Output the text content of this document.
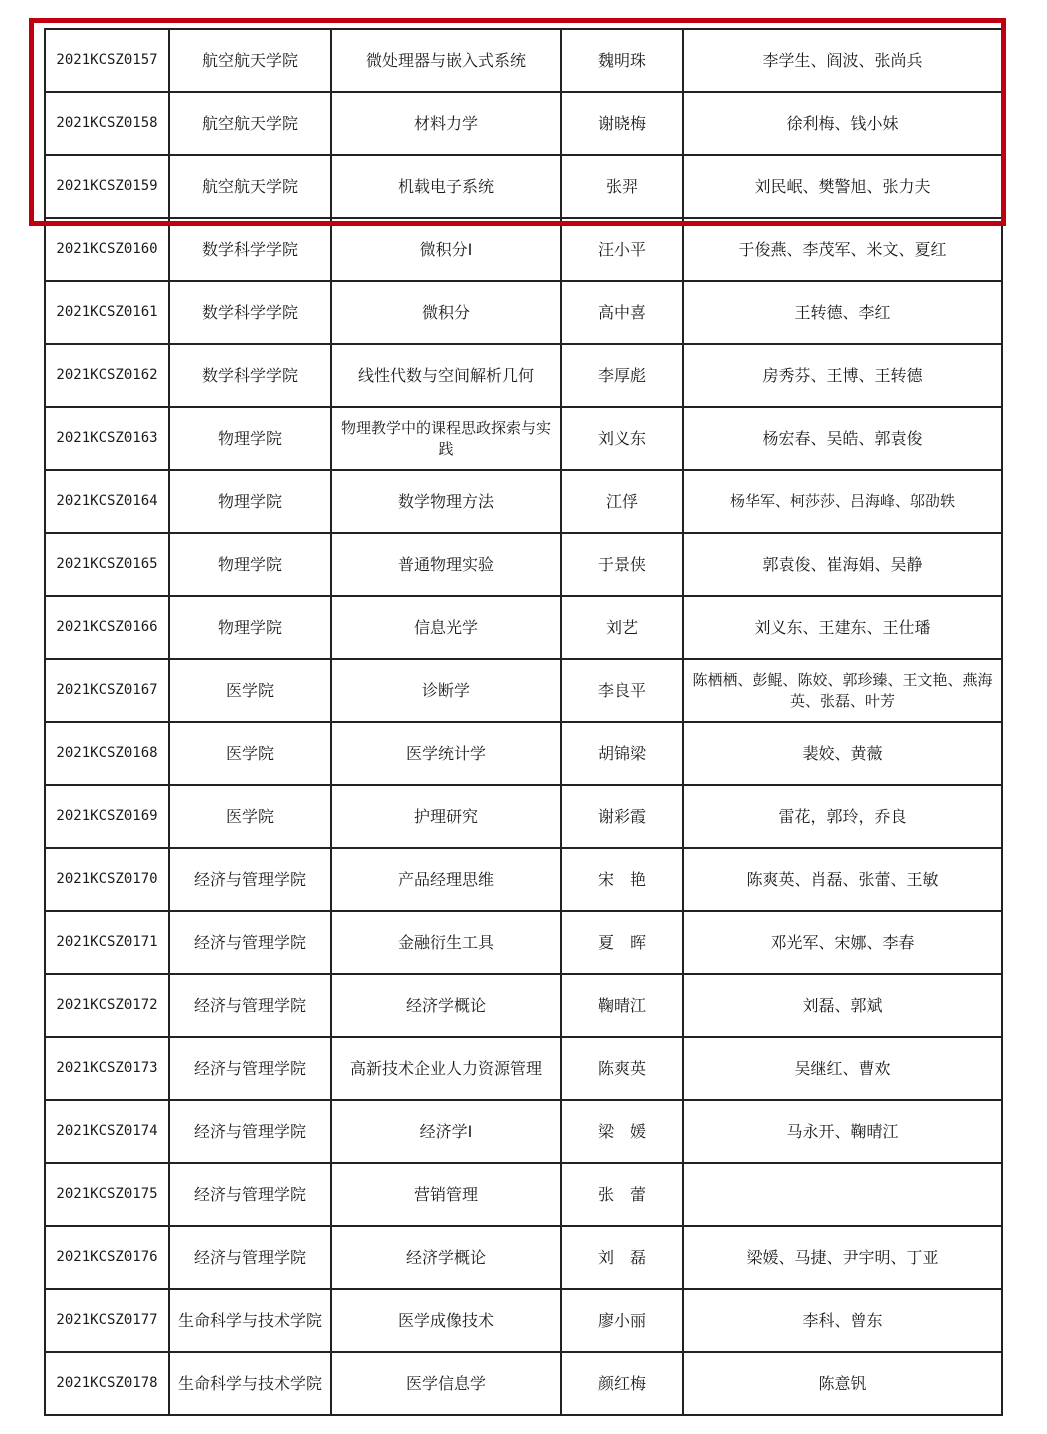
2021KCSZ0157	航空航天学院	微处理器与嵌入式系统	魏明珠	李学生、阎波、张尚兵
2021KCSZ0158	航空航天学院	材料力学	谢晓梅	徐利梅、钱小妹
2021KCSZ0159	航空航天学院	机载电子系统	张羿	刘民岷、樊警旭、张力夫
2021KCSZ0160	数学科学学院	微积分I	汪小平	于俊燕、李茂军、米文、夏红
2021KCSZ0161	数学科学学院	微积分	高中喜	王转德、李红
2021KCSZ0162	数学科学学院	线性代数与空间解析几何	李厚彪	房秀芬、王博、王转德
2021KCSZ0163	物理学院	物理教学中的课程思政探索与实践	刘义东	杨宏春、吴皓、郭袁俊
2021KCSZ0164	物理学院	数学物理方法	江俘	杨华军、柯莎莎、吕海峰、邬劭轶
2021KCSZ0165	物理学院	普通物理实验	于景侠	郭袁俊、崔海娟、吴静
2021KCSZ0166	物理学院	信息光学	刘艺	刘义东、王建东、王仕璠
2021KCSZ0167	医学院	诊断学	李良平	陈栖栖、彭鲲、陈姣、郭珍臻、王文艳、燕海英、张磊、叶芳
2021KCSZ0168	医学院	医学统计学	胡锦梁	裴姣、黄薇
2021KCSZ0169	医学院	护理研究	谢彩霞	雷花，郭玲，乔良
2021KCSZ0170	经济与管理学院	产品经理思维	宋　艳	陈爽英、肖磊、张蕾、王敏
2021KCSZ0171	经济与管理学院	金融衍生工具	夏　晖	邓光军、宋娜、李春
2021KCSZ0172	经济与管理学院	经济学概论	鞠晴江	刘磊、郭斌
2021KCSZ0173	经济与管理学院	高新技术企业人力资源管理	陈爽英	吴继红、曹欢
2021KCSZ0174	经济与管理学院	经济学I	梁　媛	马永开、鞠晴江
2021KCSZ0175	经济与管理学院	营销管理	张　蕾	
2021KCSZ0176	经济与管理学院	经济学概论	刘　磊	梁媛、马捷、尹宇明、丁亚
2021KCSZ0177	生命科学与技术学院	医学成像技术	廖小丽	李科、曾东
2021KCSZ0178	生命科学与技术学院	医学信息学	颜红梅	陈意钒
